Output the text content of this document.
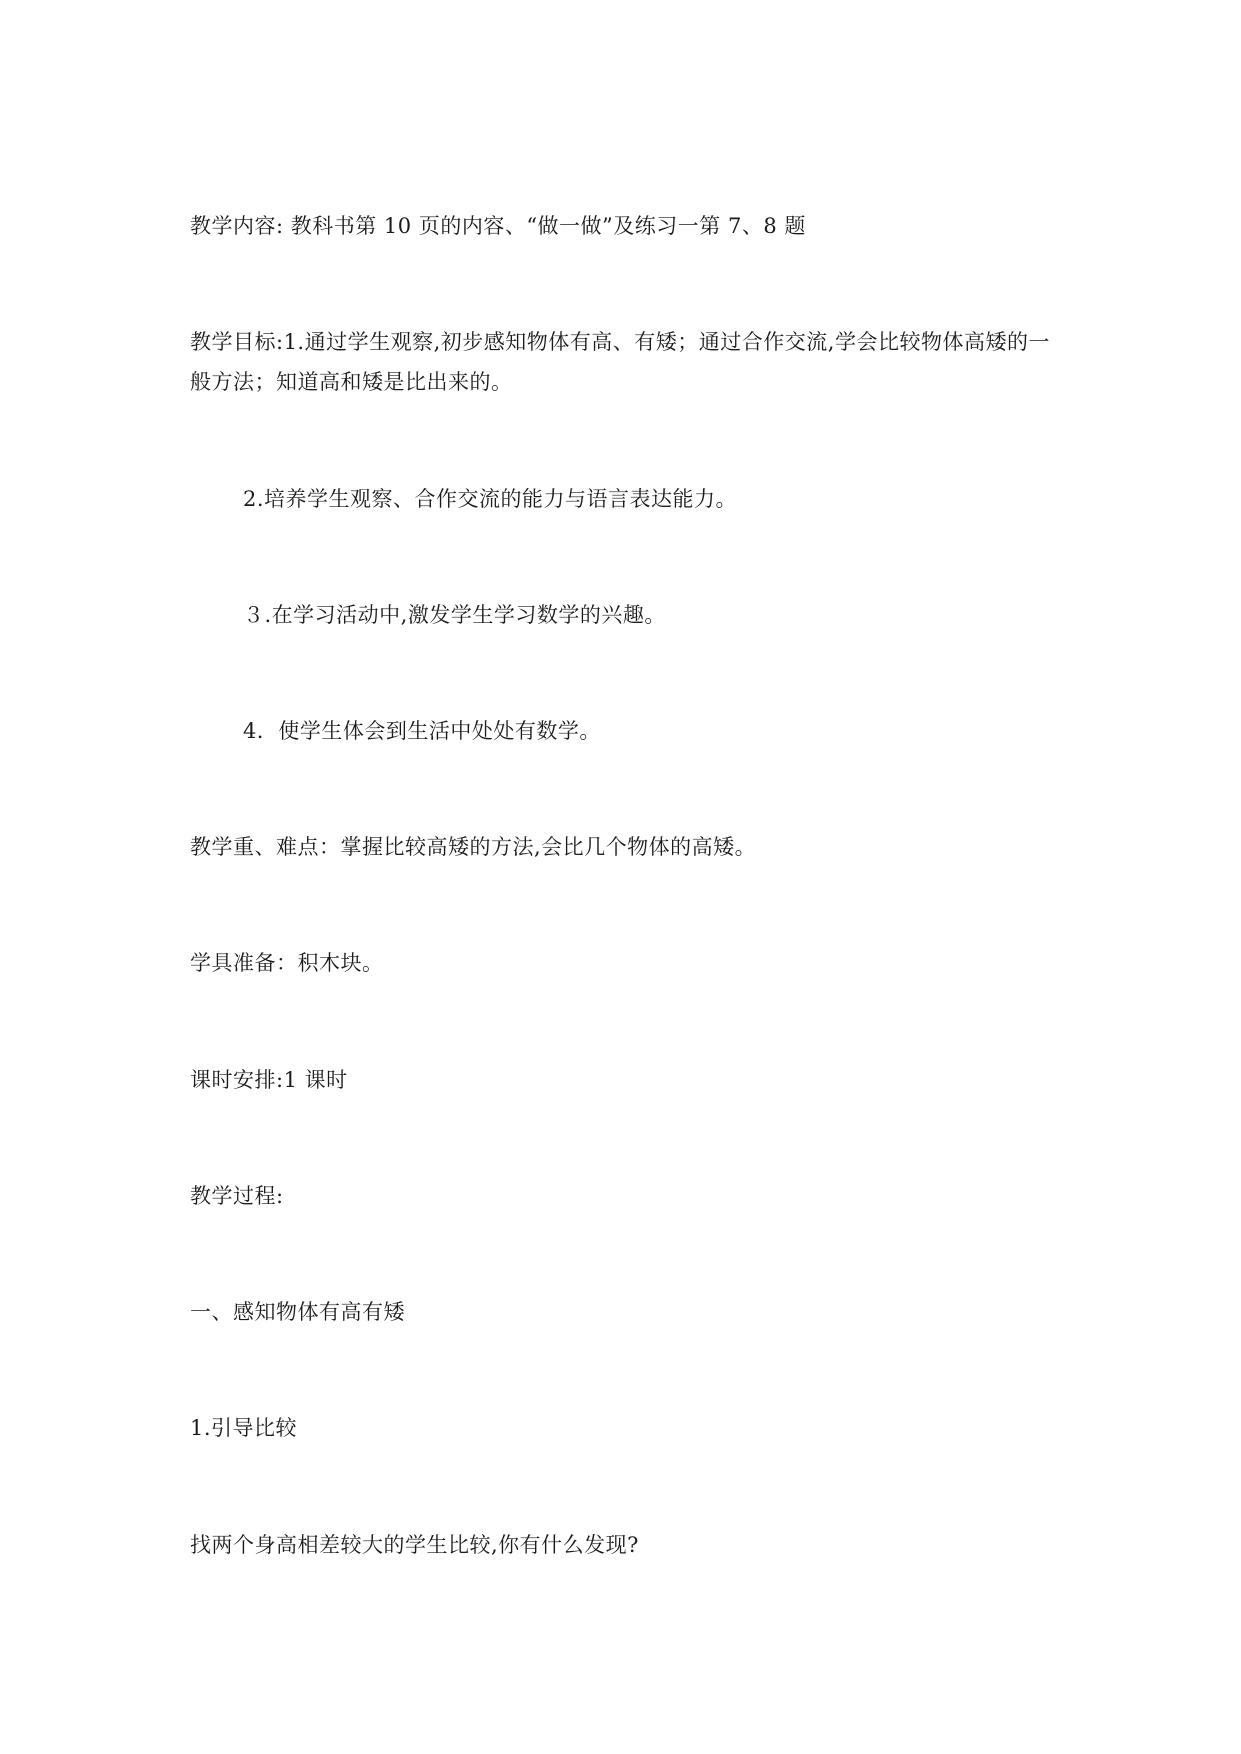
教学内容: 教科书第 10 页的内容、“做一做”及练习一第 7、8 题
教学目标:1.通过学生观察,初步感知物体有高、有矮；通过合作交流,学会比较物体高矮的一
般方法；知道高和矮是比出来的。
2.培养学生观察、合作交流的能力与语言表达能力。
３.在学习活动中,激发学生学习数学的兴趣。
4．使学生体会到生活中处处有数学。
教学重、难点：掌握比较高矮的方法,会比几个物体的高矮。
学具准备：积木块。
课时安排:1 课时
教学过程:
一、感知物体有高有矮
1.引导比较
找两个身高相差较大的学生比较,你有什么发现?
